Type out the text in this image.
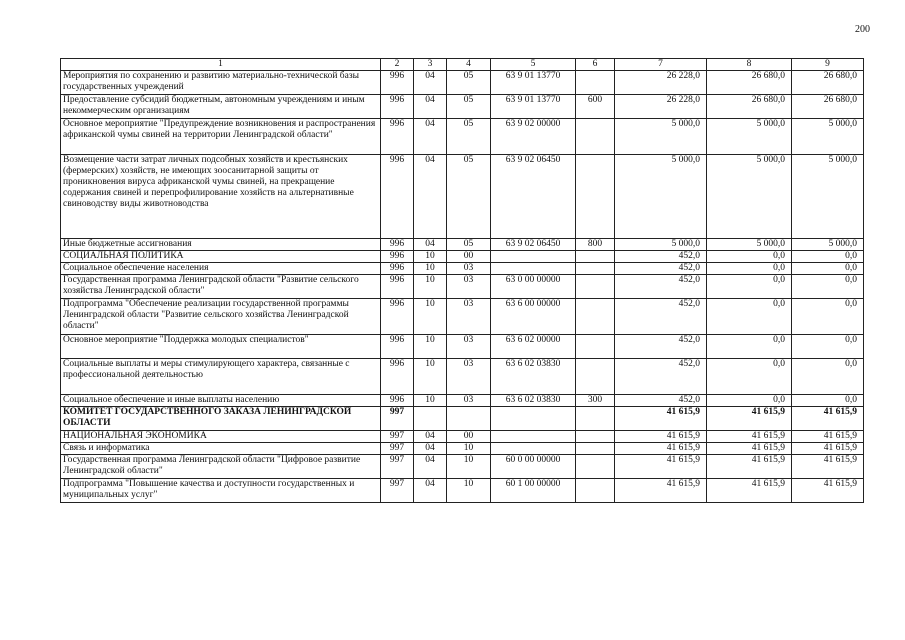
200
1	2	3	4	5	6	7	8	9
Мероприятия по сохранению и развитию материально-технической базы государственных учреждений	996	04	05	63 9 01 13770		26 228,0	26 680,0	26 680,0
Предоставление субсидий бюджетным, автономным учреждениям и иным некоммерческим организациям	996	04	05	63 9 01 13770	600	26 228,0	26 680,0	26 680,0
Основное мероприятие "Предупреждение возникновения и распространения африканской чумы свиней на территории Ленинградской области"	996	04	05	63 9 02 00000		5 000,0	5 000,0	5 000,0
Возмещение части затрат личных подсобных хозяйств и крестьянских (фермерских) хозяйств, не имеющих зоосанитарной защиты от проникновения вируса африканской чумы свиней, на прекращение содержания свиней и перепрофилирование хозяйств на альтернативные свиноводству виды животноводства	996	04	05	63 9 02 06450		5 000,0	5 000,0	5 000,0
Иные бюджетные ассигнования	996	04	05	63 9 02 06450	800	5 000,0	5 000,0	5 000,0
СОЦИАЛЬНАЯ ПОЛИТИКА	996	10	00			452,0	0,0	0,0
Социальное обеспечение населения	996	10	03			452,0	0,0	0,0
Государственная программа Ленинградской области "Развитие сельского хозяйства Ленинградской области"	996	10	03	63 0 00 00000		452,0	0,0	0,0
Подпрограмма "Обеспечение реализации государственной программы Ленинградской области "Развитие сельского хозяйства Ленинградской области"	996	10	03	63 6 00 00000		452,0	0,0	0,0
Основное мероприятие "Поддержка молодых специалистов"	996	10	03	63 6 02 00000		452,0	0,0	0,0
Социальные выплаты и меры стимулирующего характера, связанные с профессиональной деятельностью	996	10	03	63 6 02 03830		452,0	0,0	0,0
Социальное обеспечение и иные выплаты населению	996	10	03	63 6 02 03830	300	452,0	0,0	0,0
КОМИТЕТ ГОСУДАРСТВЕННОГО ЗАКАЗА ЛЕНИНГРАДСКОЙ ОБЛАСТИ	997					41 615,9	41 615,9	41 615,9
НАЦИОНАЛЬНАЯ ЭКОНОМИКА	997	04	00			41 615,9	41 615,9	41 615,9
Связь и информатика	997	04	10			41 615,9	41 615,9	41 615,9
Государственная программа Ленинградской области "Цифровое развитие Ленинградской области"	997	04	10	60 0 00 00000		41 615,9	41 615,9	41 615,9
Подпрограмма "Повышение качества и доступности государственных и муниципальных услуг"	997	04	10	60 1 00 00000		41 615,9	41 615,9	41 615,9
